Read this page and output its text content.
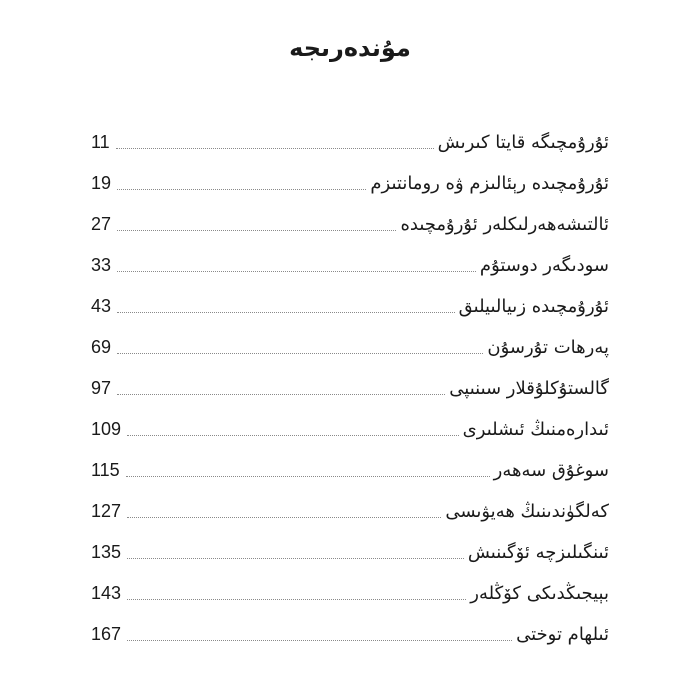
مۇندەرىجە
11	ئۇرۇمچىگە قايتا كىرىش
19	ئۇرۇمچىدە رېئالىزم ۋە رومانتىزم
27	ئالتىشەھەرلىكلەر ئۇرۇمچىدە
33	سودىگەر دوستۇم
43	ئۇرۇمچىدە زىيالىيلىق
69	پەرھات تۇرسۇن
97	گالستۇكلۇقلار سىنىپى
109	ئىدارەمنىڭ ئىشلىرى
115	سوغۇق سەھەر
127	كەلگۈندىنىڭ ھەيۋىسى
135	ئىنگىلىزچە ئۆگىنىش
143	بېيجىڭدىكى كۆڭلەر
167	ئىلھام توختى
